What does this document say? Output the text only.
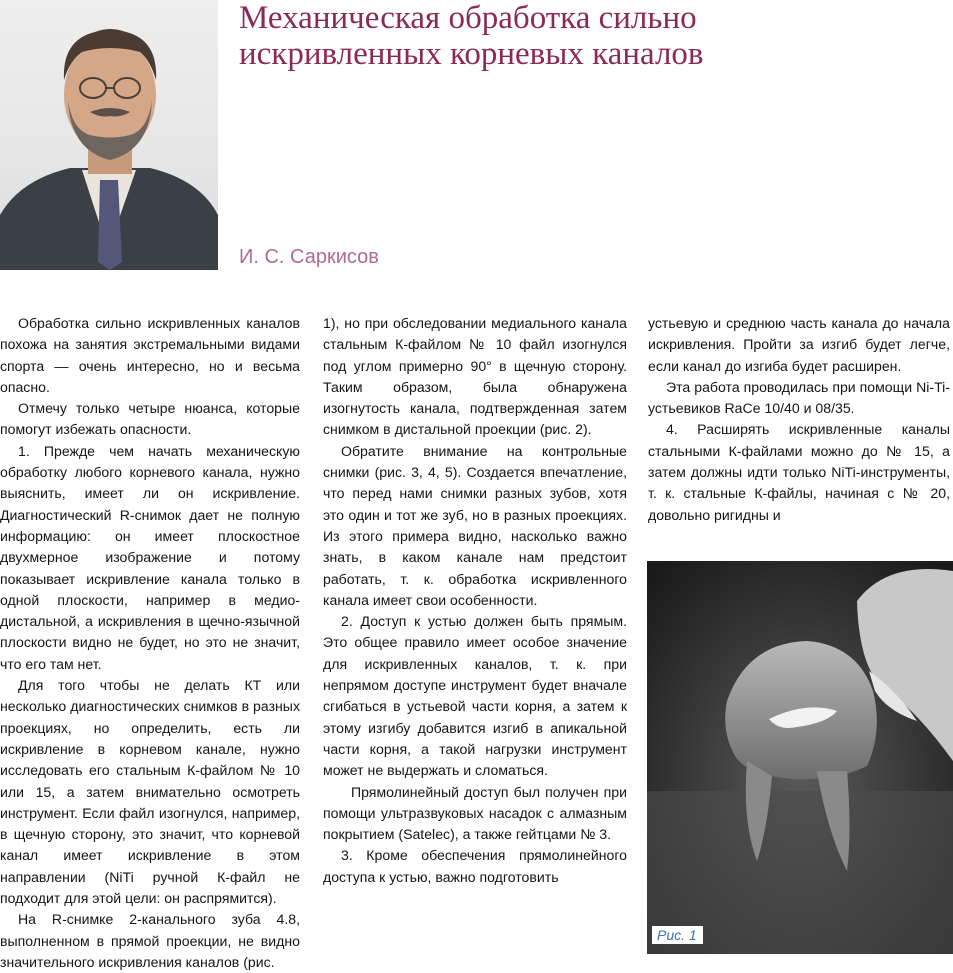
Механическая обработка сильно
искривленных корневых каналов
И. С. Саркисов

Обработка сильно искривленных каналов похожа на занятия экстремальными видами спорта — очень интересно, но и весьма опасно.

Отмечу только четыре нюанса, которые помогут избежать опасности.

1. Прежде чем начать механическую обработку любого корневого канала, нужно выяснить, имеет ли он искривление. Диагностический R-снимок дает не полную информацию: он имеет плоскостное двухмерное изображение и потому показывает искривление канала только в одной плоскости, например в медио-дистальной, а искривления в щечно-язычной плоскости видно не будет, но это не значит, что его там нет.

Для того чтобы не делать КТ или несколько диагностических снимков в разных проекциях, но определить, есть ли искривление в корневом канале, нужно исследовать его стальным К-файлом № 10 или 15, а затем внимательно осмотреть инструмент. Если файл изогнулся, например, в щечную сторону, это значит, что корневой канал имеет искривление в этом направлении (NiTi ручной К-файл не подходит для этой цели: он распрямится).

На R-снимке 2-канального зуба 4.8, выполненном в прямой проекции, не видно значительного искривления каналов (рис.

1), но при обследовании медиального канала стальным К-файлом № 10 файл изогнулся под углом примерно 90° в щечную сторону. Таким образом, была обнаружена изогнутость канала, подтвержденная затем снимком в дистальной проекции (рис. 2).

Обратите внимание на контрольные снимки (рис. 3, 4, 5). Создается впечатление, что перед нами снимки разных зубов, хотя это один и тот же зуб, но в разных проекциях. Из этого примера видно, насколько важно знать, в каком канале нам предстоит работать, т. к. обработка искривленного канала имеет свои особенности.

2. Доступ к устью должен быть прямым. Это общее правило имеет особое значение для искривленных каналов, т. к. при непрямом доступе инструмент будет вначале сгибаться в устьевой части корня, а затем к этому изгибу добавится изгиб в апикальной части корня, а такой нагрузки инструмент может не выдержать и сломаться.

Прямолинейный доступ был получен при помощи ультразвуковых насадок с алмазным покрытием (Satelec), а также гейтцами № 3.

3. Кроме обеспечения прямолинейного доступа к устью, важно подготовить

устьевую и среднюю часть канала до начала искривления. Пройти за изгиб будет легче, если канал до изгиба будет расширен.

Эта работа проводилась при помощи Ni-Ti-устьевиков RaCe 10/40 и 08/35.

4. Расширять искривленные каналы стальными К-файлами можно до № 15, а затем должны идти только NiTi-инструменты, т. к. стальные К-файлы, начиная с № 20, довольно ригидны и

Рис. 1
